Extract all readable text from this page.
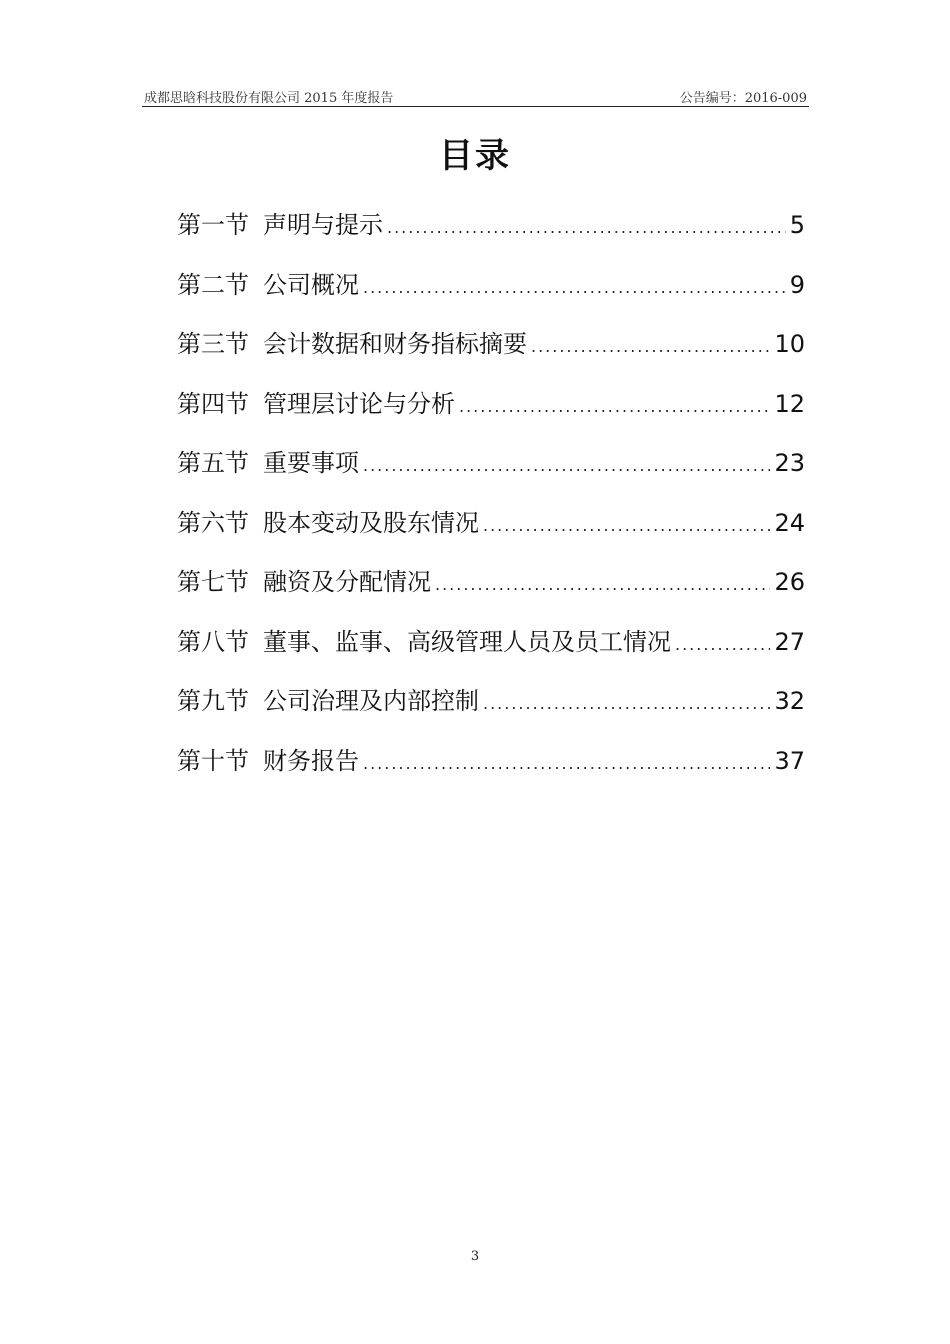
成都思晗科技股份有限公司 2015 年度报告	公告编号：2016-009
目录
第一节 声明与提示 .....	5
第二节 公司概况 .....	9
第三节 会计数据和财务指标摘要 .....	10
第四节 管理层讨论与分析 .....	12
第五节 重要事项 .....	23
第六节 股本变动及股东情况 .....	24
第七节 融资及分配情况 .....	26
第八节 董事、监事、高级管理人员及员工情况 .....	27
第九节 公司治理及内部控制 .....	32
第十节 财务报告 .....	37
3
